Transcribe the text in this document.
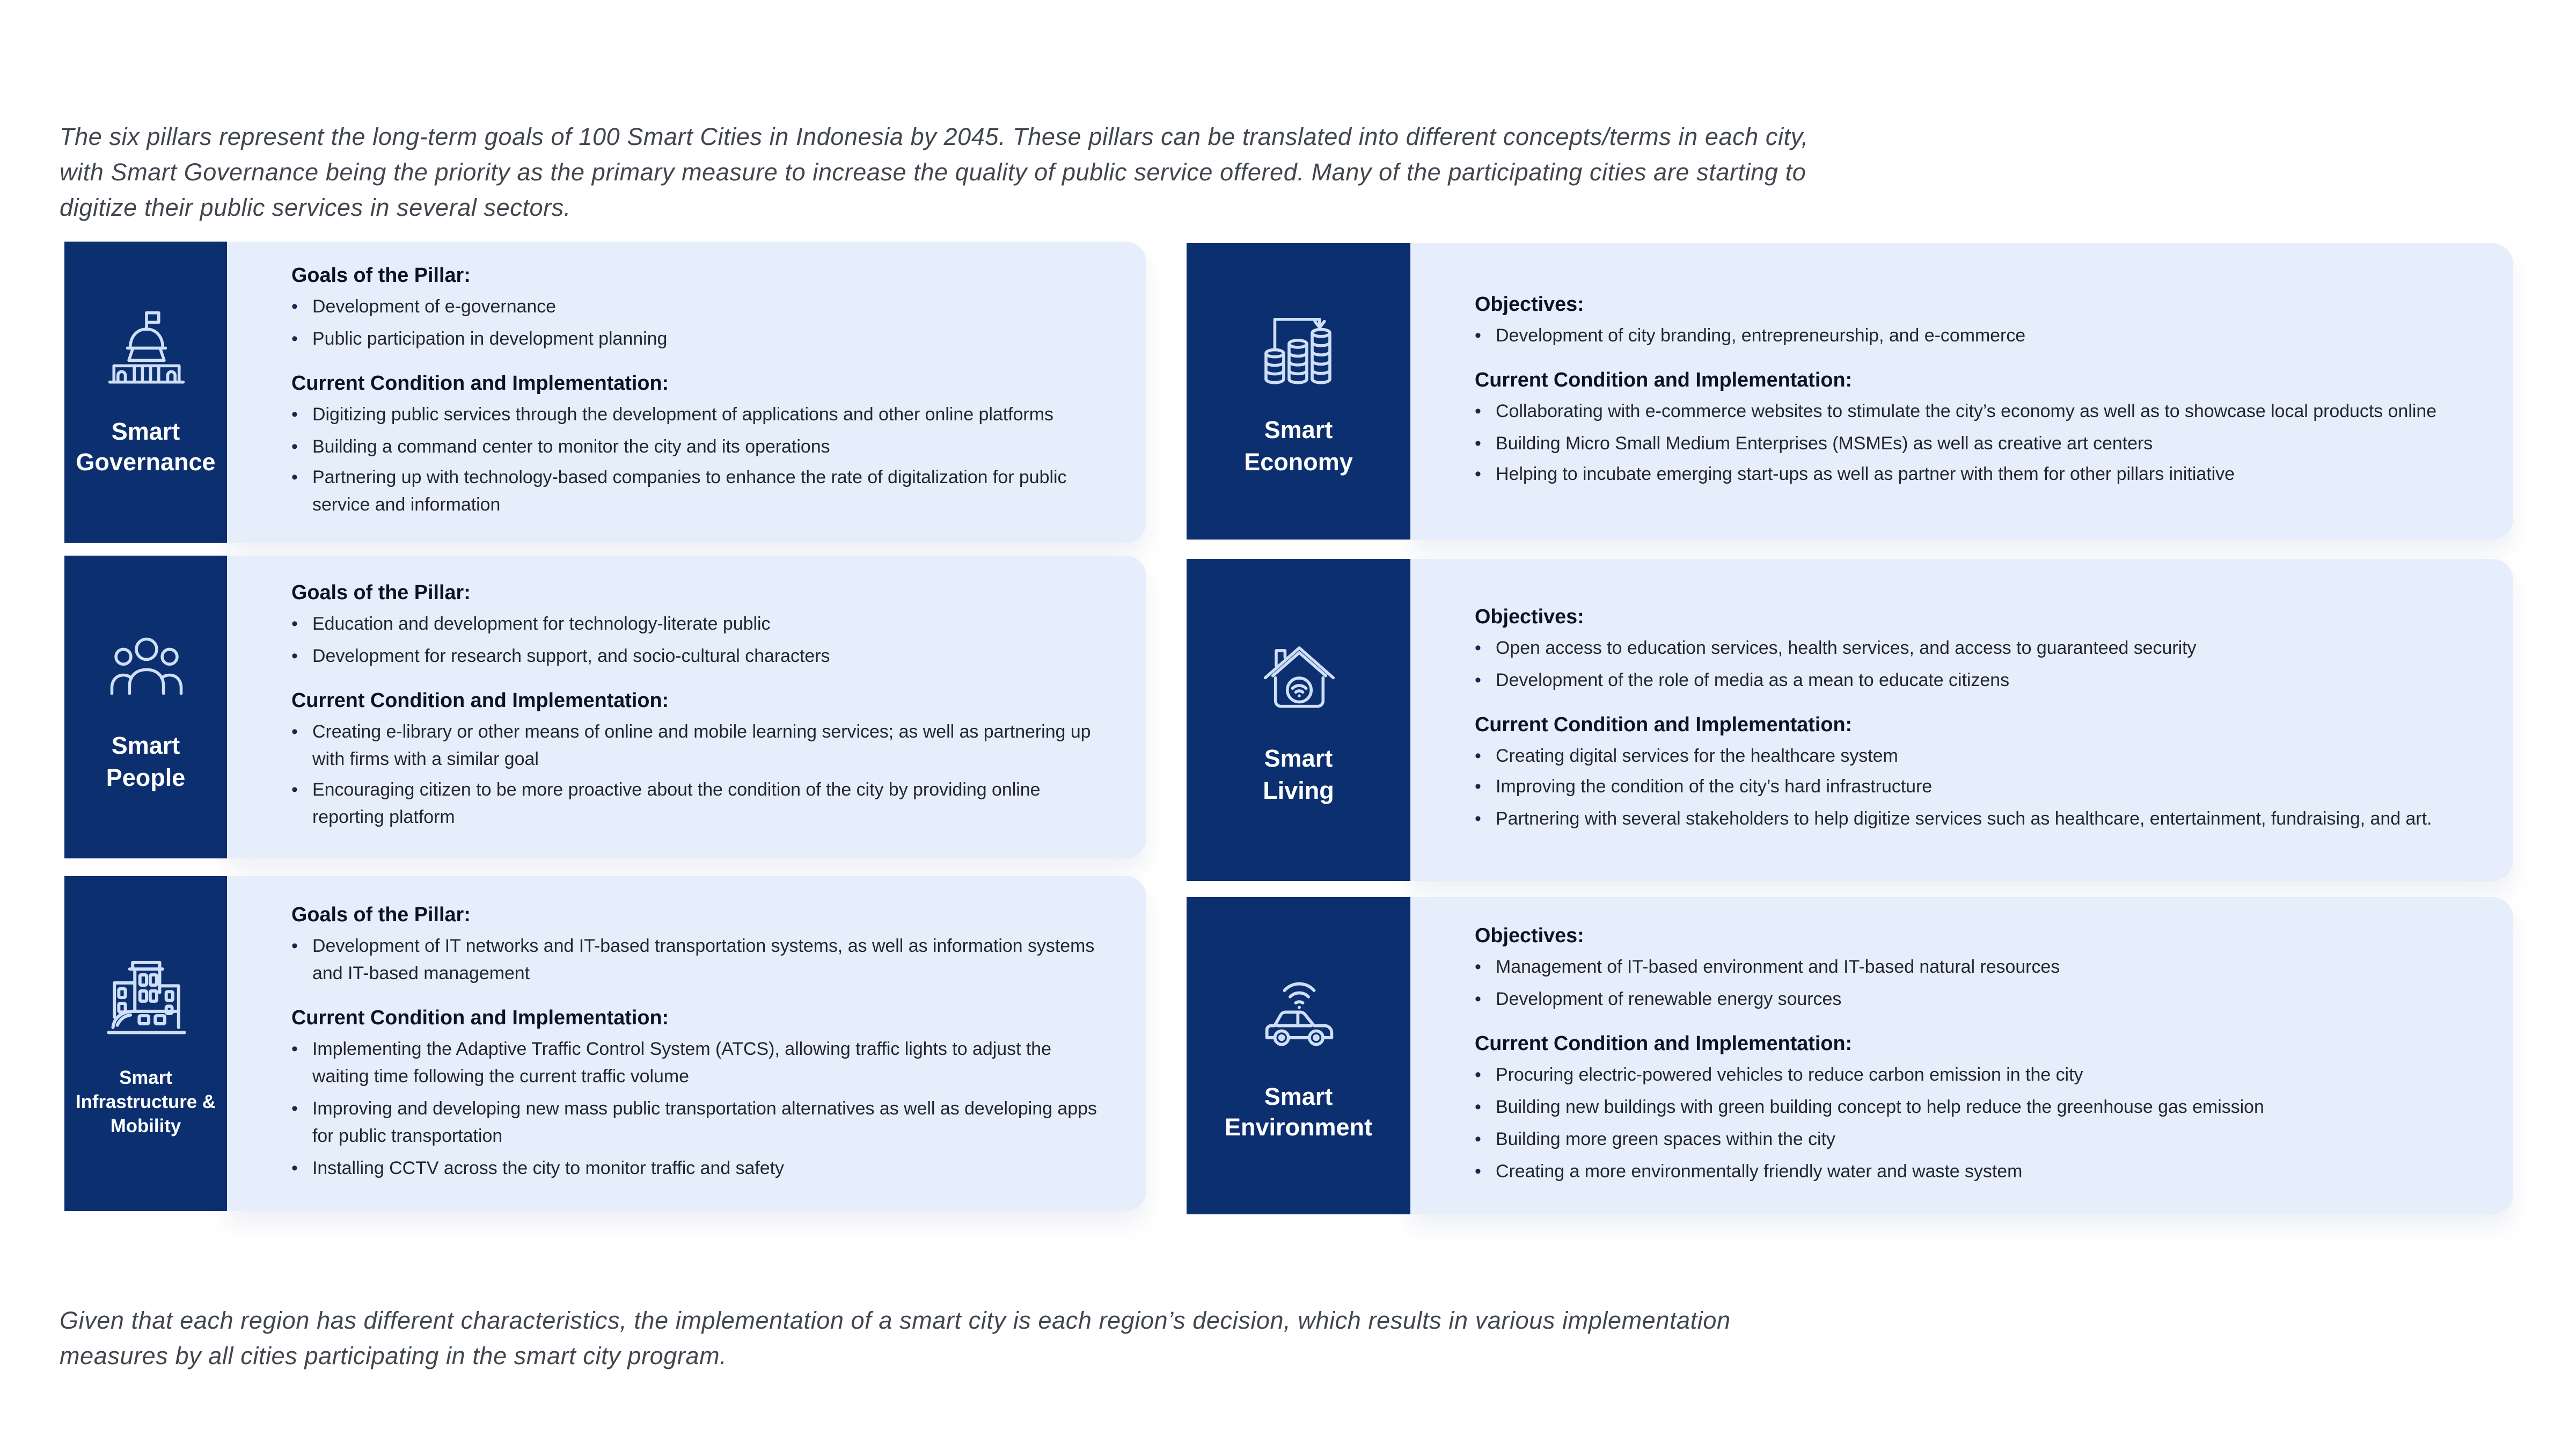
The six pillars represent the long-term goals of 100 Smart Cities in Indonesia by 2045. These pillars can be translated into different concepts/terms in each city,
with Smart Governance being the priority as the primary measure to increase the quality of public service offered. Many of the participating cities are starting to
digitize their public services in several sectors.

Smart
Governance
Goals of the Pillar:
•	Development of e-governance
•	Public participation in development planning
Current Condition and Implementation:
•	Digitizing public services through the development of applications and other online platforms
•	Building a command center to monitor the city and its operations
•	Partnering up with technology-based companies to enhance the rate of digitalization for public service and information
Smart
Economy
Objectives:
•	Development of city branding, entrepreneurship, and e-commerce
Current Condition and Implementation:
•	Collaborating with e-commerce websites to stimulate the city’s economy as well as to showcase local products online
•	Building Micro Small Medium Enterprises (MSMEs) as well as creative art centers
•	Helping to incubate emerging start-ups as well as partner with them for other pillars initiative
Smart
People
Goals of the Pillar:
•	Education and development for technology-literate public
•	Development for research support, and socio-cultural characters
Current Condition and Implementation:
•	Creating e-library or other means of online and mobile learning services; as well as partnering up with firms with a similar goal
•	Encouraging citizen to be more proactive about the condition of the city by providing online reporting platform
Smart
Living
Objectives:
•	Open access to education services, health services, and access to guaranteed security
•	Development of the role of media as a mean to educate citizens
Current Condition and Implementation:
•	Creating digital services for the healthcare system
•	Improving the condition of the city’s hard infrastructure
•	Partnering with several stakeholders to help digitize services such as healthcare, entertainment, fundraising, and art.
Smart
Infrastructure &
Mobility
Goals of the Pillar:
•	Development of IT networks and IT-based transportation systems, as well as information systems and IT-based management
Current Condition and Implementation:
•	Implementing the Adaptive Traffic Control System (ATCS), allowing traffic lights to adjust the waiting time following the current traffic volume
•	Improving and developing new mass public transportation alternatives as well as developing apps for public transportation
•	Installing CCTV across the city to monitor traffic and safety
Smart
Environment
Objectives:
•	Management of IT-based environment and IT-based natural resources
•	Development of renewable energy sources
Current Condition and Implementation:
•	Procuring electric-powered vehicles to reduce carbon emission in the city
•	Building new buildings with green building concept to help reduce the greenhouse gas emission
•	Building more green spaces within the city
•	Creating a more environmentally friendly water and waste system

Given that each region has different characteristics, the implementation of a smart city is each region’s decision, which results in various implementation
measures by all cities participating in the smart city program.
